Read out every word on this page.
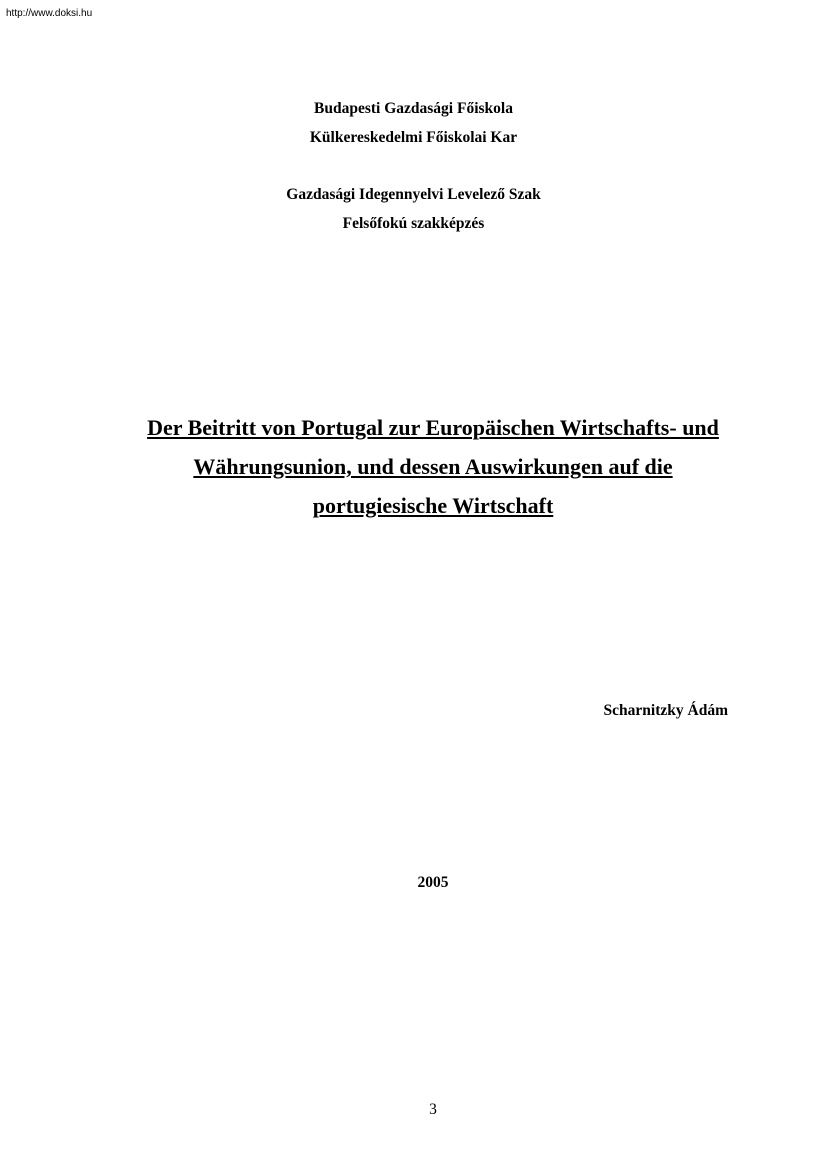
http://www.doksi.hu
Budapesti Gazdasági Főiskola
Külkereskedelmi Főiskolai Kar
Gazdasági Idegennyelvi Levelező Szak
Felsőfokú szakképzés
Der Beitritt von Portugal zur Europäischen Wirtschafts- und
Währungsunion, und dessen Auswirkungen auf die
portugiesische Wirtschaft
Scharnitzky Ádám
2005
3
